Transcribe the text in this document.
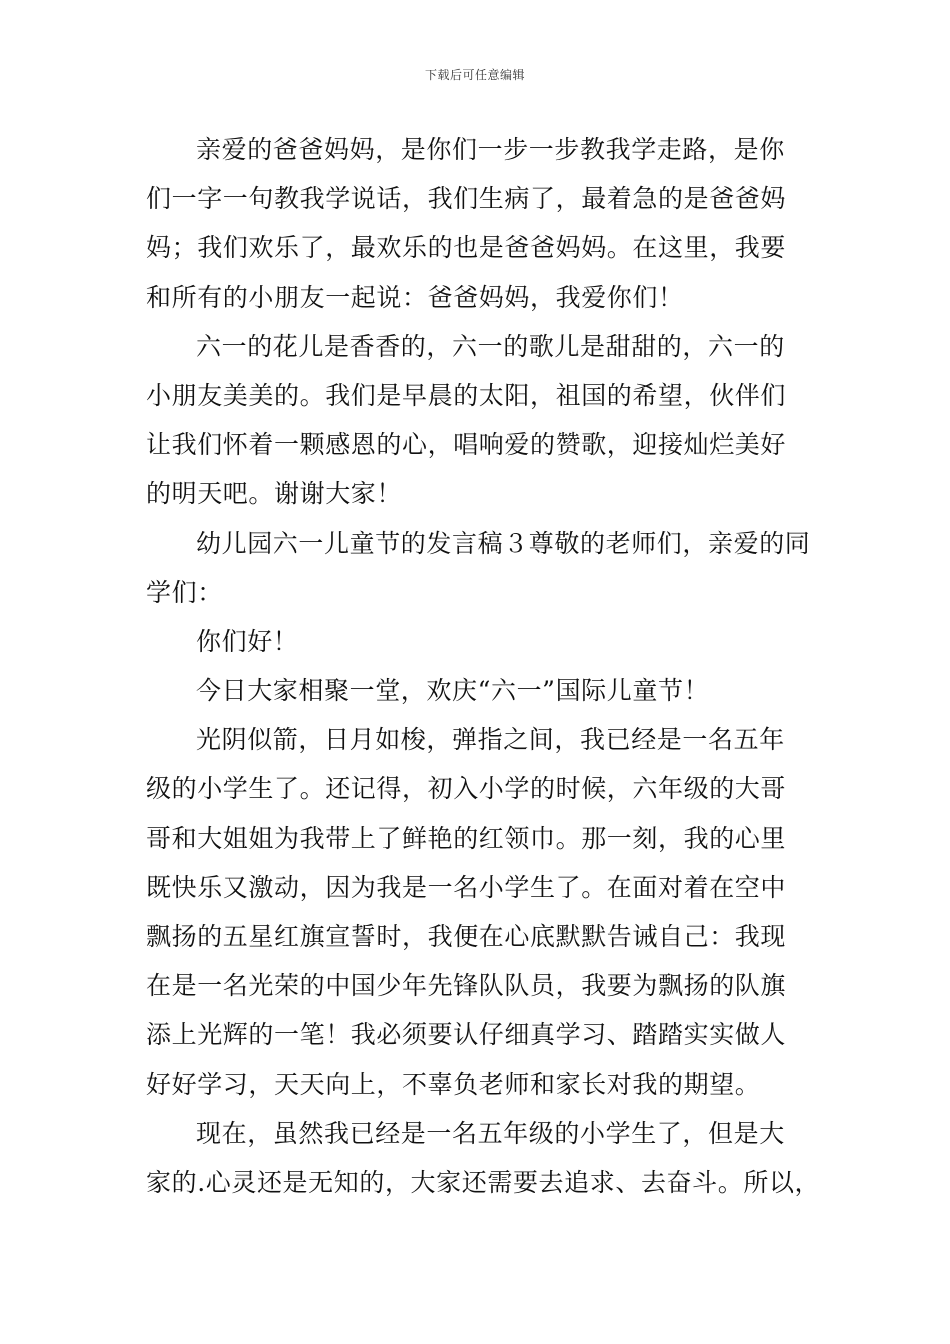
下载后可任意编辑
亲爱的爸爸妈妈，是你们一步一步教我学走路，是你
们一字一句教我学说话，我们生病了，最着急的是爸爸妈
妈；我们欢乐了，最欢乐的也是爸爸妈妈。在这里，我要
和所有的小朋友一起说：爸爸妈妈，我爱你们！
六一的花儿是香香的，六一的歌儿是甜甜的，六一的
小朋友美美的。我们是早晨的太阳，祖国的希望，伙伴们
让我们怀着一颗感恩的心，唱响爱的赞歌，迎接灿烂美好
的明天吧。谢谢大家！
幼儿园六一儿童节的发言稿３尊敬的老师们，亲爱的同
学们：
你们好！
今日大家相聚一堂，欢庆“六一”国际儿童节！
光阴似箭，日月如梭，弹指之间，我已经是一名五年
级的小学生了。还记得，初入小学的时候，六年级的大哥
哥和大姐姐为我带上了鲜艳的红领巾。那一刻，我的心里
既快乐又激动，因为我是一名小学生了。在面对着在空中
飘扬的五星红旗宣誓时，我便在心底默默告诫自己：我现
在是一名光荣的中国少年先锋队队员，我要为飘扬的队旗
添上光辉的一笔！我必须要认仔细真学习、踏踏实实做人
好好学习，天天向上，不辜负老师和家长对我的期望。
现在，虽然我已经是一名五年级的小学生了，但是大
家的.心灵还是无知的，大家还需要去追求、去奋斗。所以，
